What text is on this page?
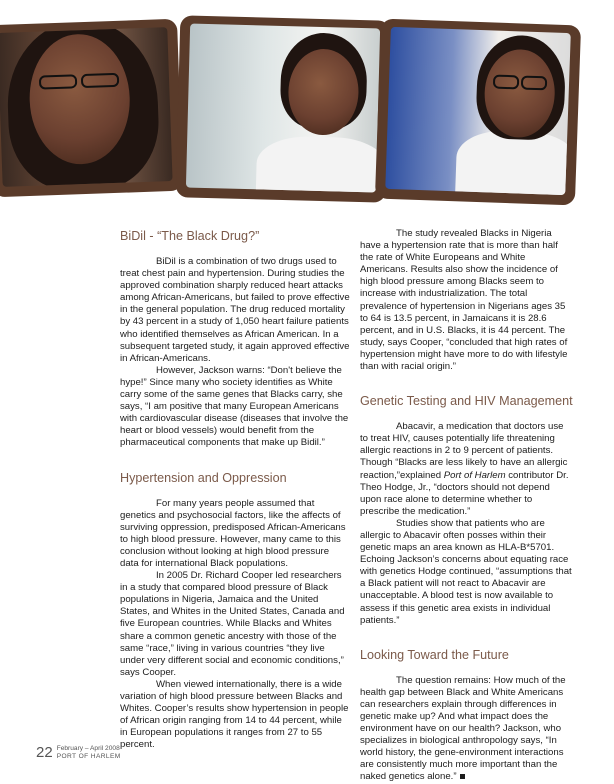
BiDil - “The Black Drug?”

BiDil is a combination of two drugs used to treat chest pain and hypertension. During studies the approved combination sharply reduced heart attacks among African-Americans, but failed to prove effective in the general population. The drug reduced mortality by 43 percent in a study of 1,050 heart failure patients who identified themselves as African American. In a subsequent targeted study, it again approved effective in African-Americans.

However, Jackson warns: “Don't believe the hype!” Since many who society identifies as White carry some of the same genes that Blacks carry, she says, “I am positive that many European Americans with cardiovascular disease (diseases that involve the heart or blood vessels) would benefit from the pharmaceutical components that make up Bidil.”

Hypertension and Oppression

For many years people assumed that genetics and psychosocial factors, like the affects of surviving oppression, predisposed African-Americans to high blood pressure. However, many came to this conclusion without looking at high blood pressure data for international Black populations.

In 2005 Dr. Richard Cooper led researchers in a study that compared blood pressure of Black populations in Nigeria, Jamaica and the United States, and Whites in the United States, Canada and five European countries. While Blacks and Whites share a common genetic ancestry with those of the same “race,” living in various countries “they live under very different social and economic conditions,” says Cooper.

When viewed internationally, there is a wide variation of high blood pressure between Blacks and Whites. Cooper’s results show hypertension in people of African origin ranging from 14 to 44 percent, while in European populations it ranges from 27 to 55 percent.

The study revealed Blacks in Nigeria have a hypertension rate that is more than half the rate of White Europeans and White Americans. Results also show the incidence of high blood pressure among Blacks seem to increase with industrialization. The total prevalence of hypertension in Nigerians ages 35 to 64 is 13.5 percent, in Jamaicans it is 28.6 percent, and in U.S. Blacks, it is 44 percent. The study, says Cooper, “concluded that high rates of hypertension might have more to do with lifestyle than with racial origin.”

Genetic Testing and HIV Management

Abacavir, a medication that doctors use to treat HIV, causes potentially life threatening allergic reactions in 2 to 9 percent of patients. Though “Blacks are less likely to have an allergic reaction,”explained Port of Harlem contributor Dr. Theo Hodge, Jr., “doctors should not depend upon race alone to determine whether to prescribe the medication.”

Studies show that patients who are allergic to Abacavir often posses within their genetic maps an area known as HLA-B*5701. Echoing Jackson’s concerns about equating race with genetics Hodge continued, “assumptions that a Black patient will not react to Abacavir are unacceptable. A blood test is now available to assess if this genetic area exists in individual patients.”

Looking Toward the Future

The question remains: How much of the health gap between Black and White Americans can researchers explain through differences in genetic make up? And what impact does the environment have on our health? Jackson, who specializes in biological anthropology says, “In world history, the gene-environment interactions are consistently much more important than the naked genetics alone.”

22 February – April 2008
PORT OF HARLEM
